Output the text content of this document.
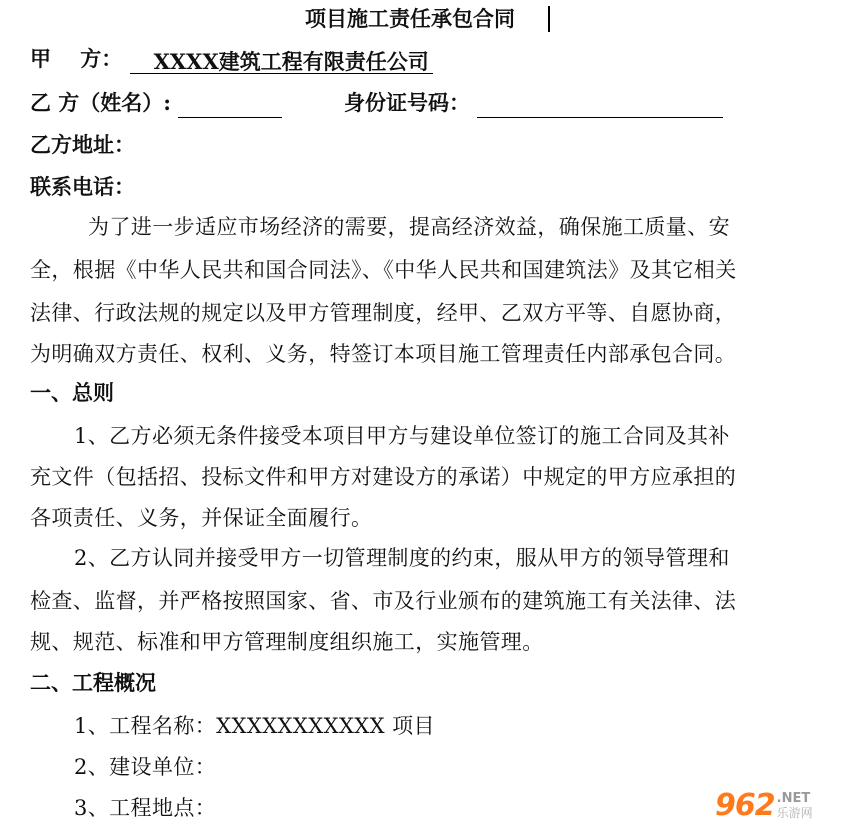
项目施工责任承包合同
甲    方： XXXX建筑工程有限责任公司
乙 方（姓名）:	身份证号码：
乙方地址：
联系电话：
为了进一步适应市场经济的需要，提高经济效益，确保施工质量、安
全，根据《中华人民共和国合同法》、《中华人民共和国建筑法》及其它相关
法律、行政法规的规定以及甲方管理制度，经甲、乙双方平等、自愿协商，
为明确双方责任、权利、义务，特签订本项目施工管理责任内部承包合同。
一、总则
1、乙方必须无条件接受本项目甲方与建设单位签订的施工合同及其补
充文件（包括招、投标文件和甲方对建设方的承诺）中规定的甲方应承担的
各项责任、义务，并保证全面履行。
2、乙方认同并接受甲方一切管理制度的约束，服从甲方的领导管理和
检查、监督，并严格按照国家、省、市及行业颁布的建筑施工有关法律、法
规、规范、标准和甲方管理制度组织施工，实施管理。
二、工程概况
1、工程名称：XXXXXXXXXXX 项目
2、建设单位：
3、工程地点：	962 .NET
乐游网
